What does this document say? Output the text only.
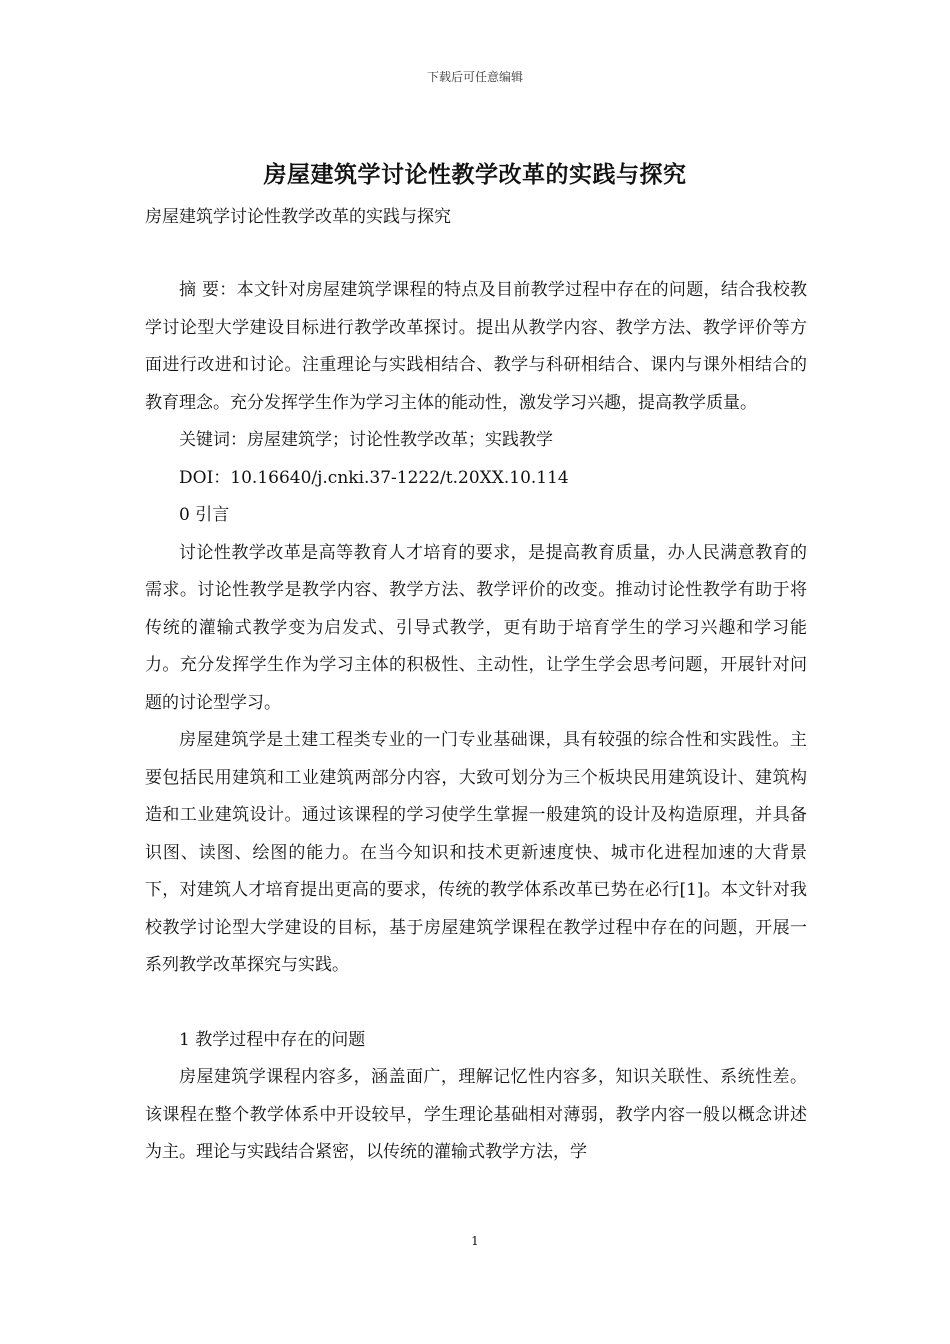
下载后可任意编辑
房屋建筑学讨论性教学改革的实践与探究
房屋建筑学讨论性教学改革的实践与探究

摘 要：本文针对房屋建筑学课程的特点及目前教学过程中存在的问题，结合我校教学讨论型大学建设目标进行教学改革探讨。提出从教学内容、教学方法、教学评价等方面进行改进和讨论。注重理论与实践相结合、教学与科研相结合、课内与课外相结合的教育理念。充分发挥学生作为学习主体的能动性，激发学习兴趣，提高教学质量。

关键词：房屋建筑学；讨论性教学改革；实践教学

DOI：10.16640/j.cnki.37-1222/t.20XX.10.114

0 引言

讨论性教学改革是高等教育人才培育的要求，是提高教育质量，办人民满意教育的需求。讨论性教学是教学内容、教学方法、教学评价的改变。推动讨论性教学有助于将传统的灌输式教学变为启发式、引导式教学，更有助于培育学生的学习兴趣和学习能力。充分发挥学生作为学习主体的积极性、主动性，让学生学会思考问题，开展针对问题的讨论型学习。

房屋建筑学是土建工程类专业的一门专业基础课，具有较强的综合性和实践性。主要包括民用建筑和工业建筑两部分内容，大致可划分为三个板块民用建筑设计、建筑构造和工业建筑设计。通过该课程的学习使学生掌握一般建筑的设计及构造原理，并具备识图、读图、绘图的能力。在当今知识和技术更新速度快、城市化进程加速的大背景下，对建筑人才培育提出更高的要求，传统的教学体系改革已势在必行[1]。本文针对我校教学讨论型大学建设的目标，基于房屋建筑学课程在教学过程中存在的问题，开展一系列教学改革探究与实践。

1 教学过程中存在的问题

房屋建筑学课程内容多，涵盖面广，理解记忆性内容多，知识关联性、系统性差。该课程在整个教学体系中开设较早，学生理论基础相对薄弱，教学内容一般以概念讲述为主。理论与实践结合紧密，以传统的灌输式教学方法，学

1
